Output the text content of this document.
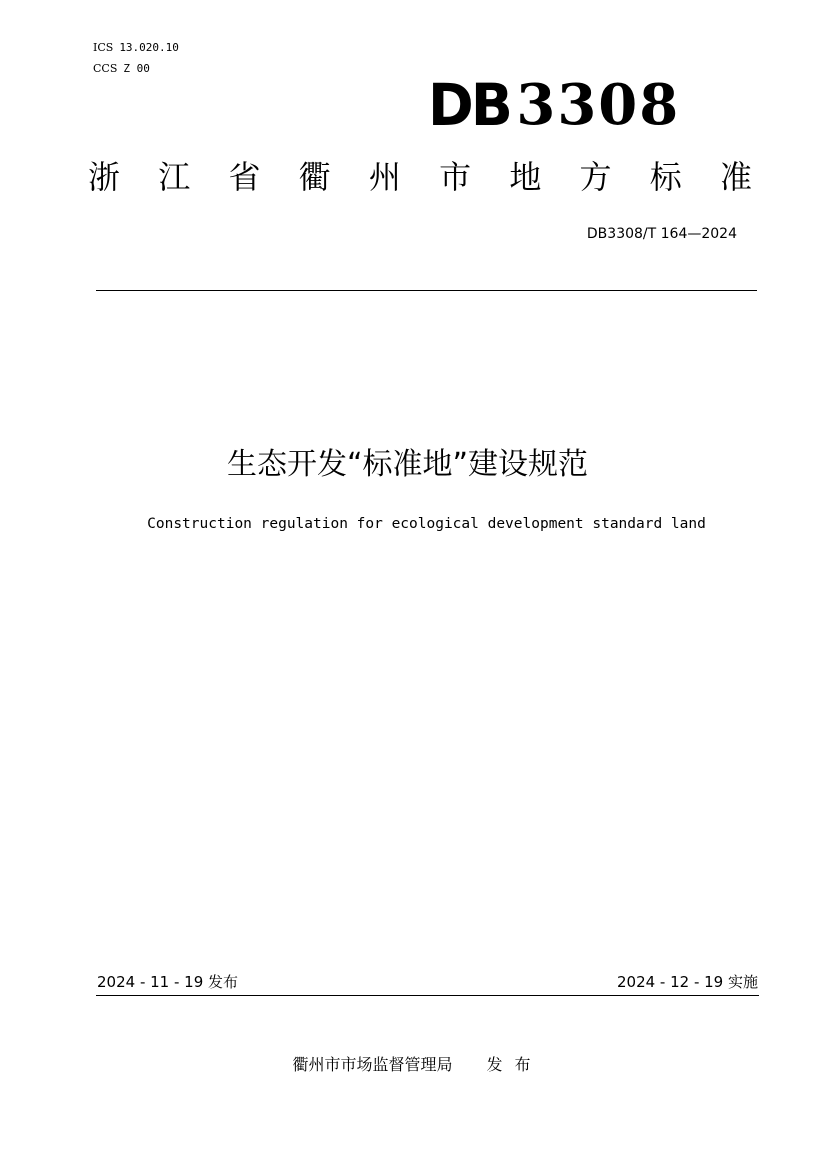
ICS 13.020.10
CCS Z 00
DB 3308
浙 江 省 衢 州 市 地 方 标 准
DB3308/T 164—2024
生态开发“标准地”建设规范
Construction regulation for ecological development standard land
2024 - 11 - 19 发布	2024 - 12 - 19 实施
衢州市市场监督管理局 发布
